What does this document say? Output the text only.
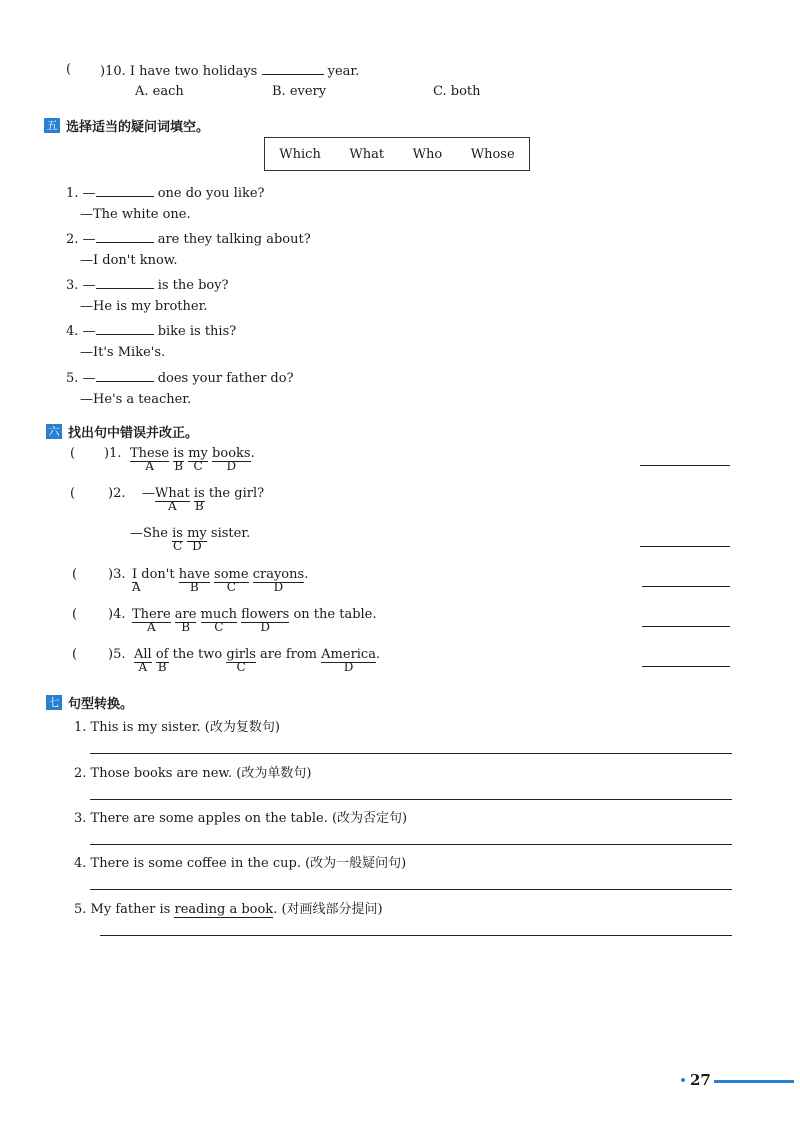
( )10. I have two holidays	year.
A. each	B. every	C. both
五 选择适当的疑问词填空。
Which What Who Whose
1. —	one do you like?
—The white one.
2. —	are they talking about?
—I don't know.
3. —	is the boy?
—He is my brother.
4. —	bike is this?
—It's Mike's.
5. —	does your father do?
—He's a teacher.
六 找出句中错误并改正。
( )1. These
A
is
B
my
C
books
D
.
(	)2. —What
A
is
B
the girl?
—She is
C
my
D
sister.
( )3. I
A
don't have
B
some
C
crayons
D
.
( )4. There
A
are
B
much
C
flowers
D
on the table.
( )5. All
A
of
B
the two girls
C
are from America
D
.
七 句型转换。
1. This is my sister. (改为复数句)
2. Those books are new. (改为单数句)
3. There are some apples on the table. (改为否定句)
4. There is some coffee in the cup. (改为一般疑问句)
5. My father is reading a book. (对画线部分提问)
27
